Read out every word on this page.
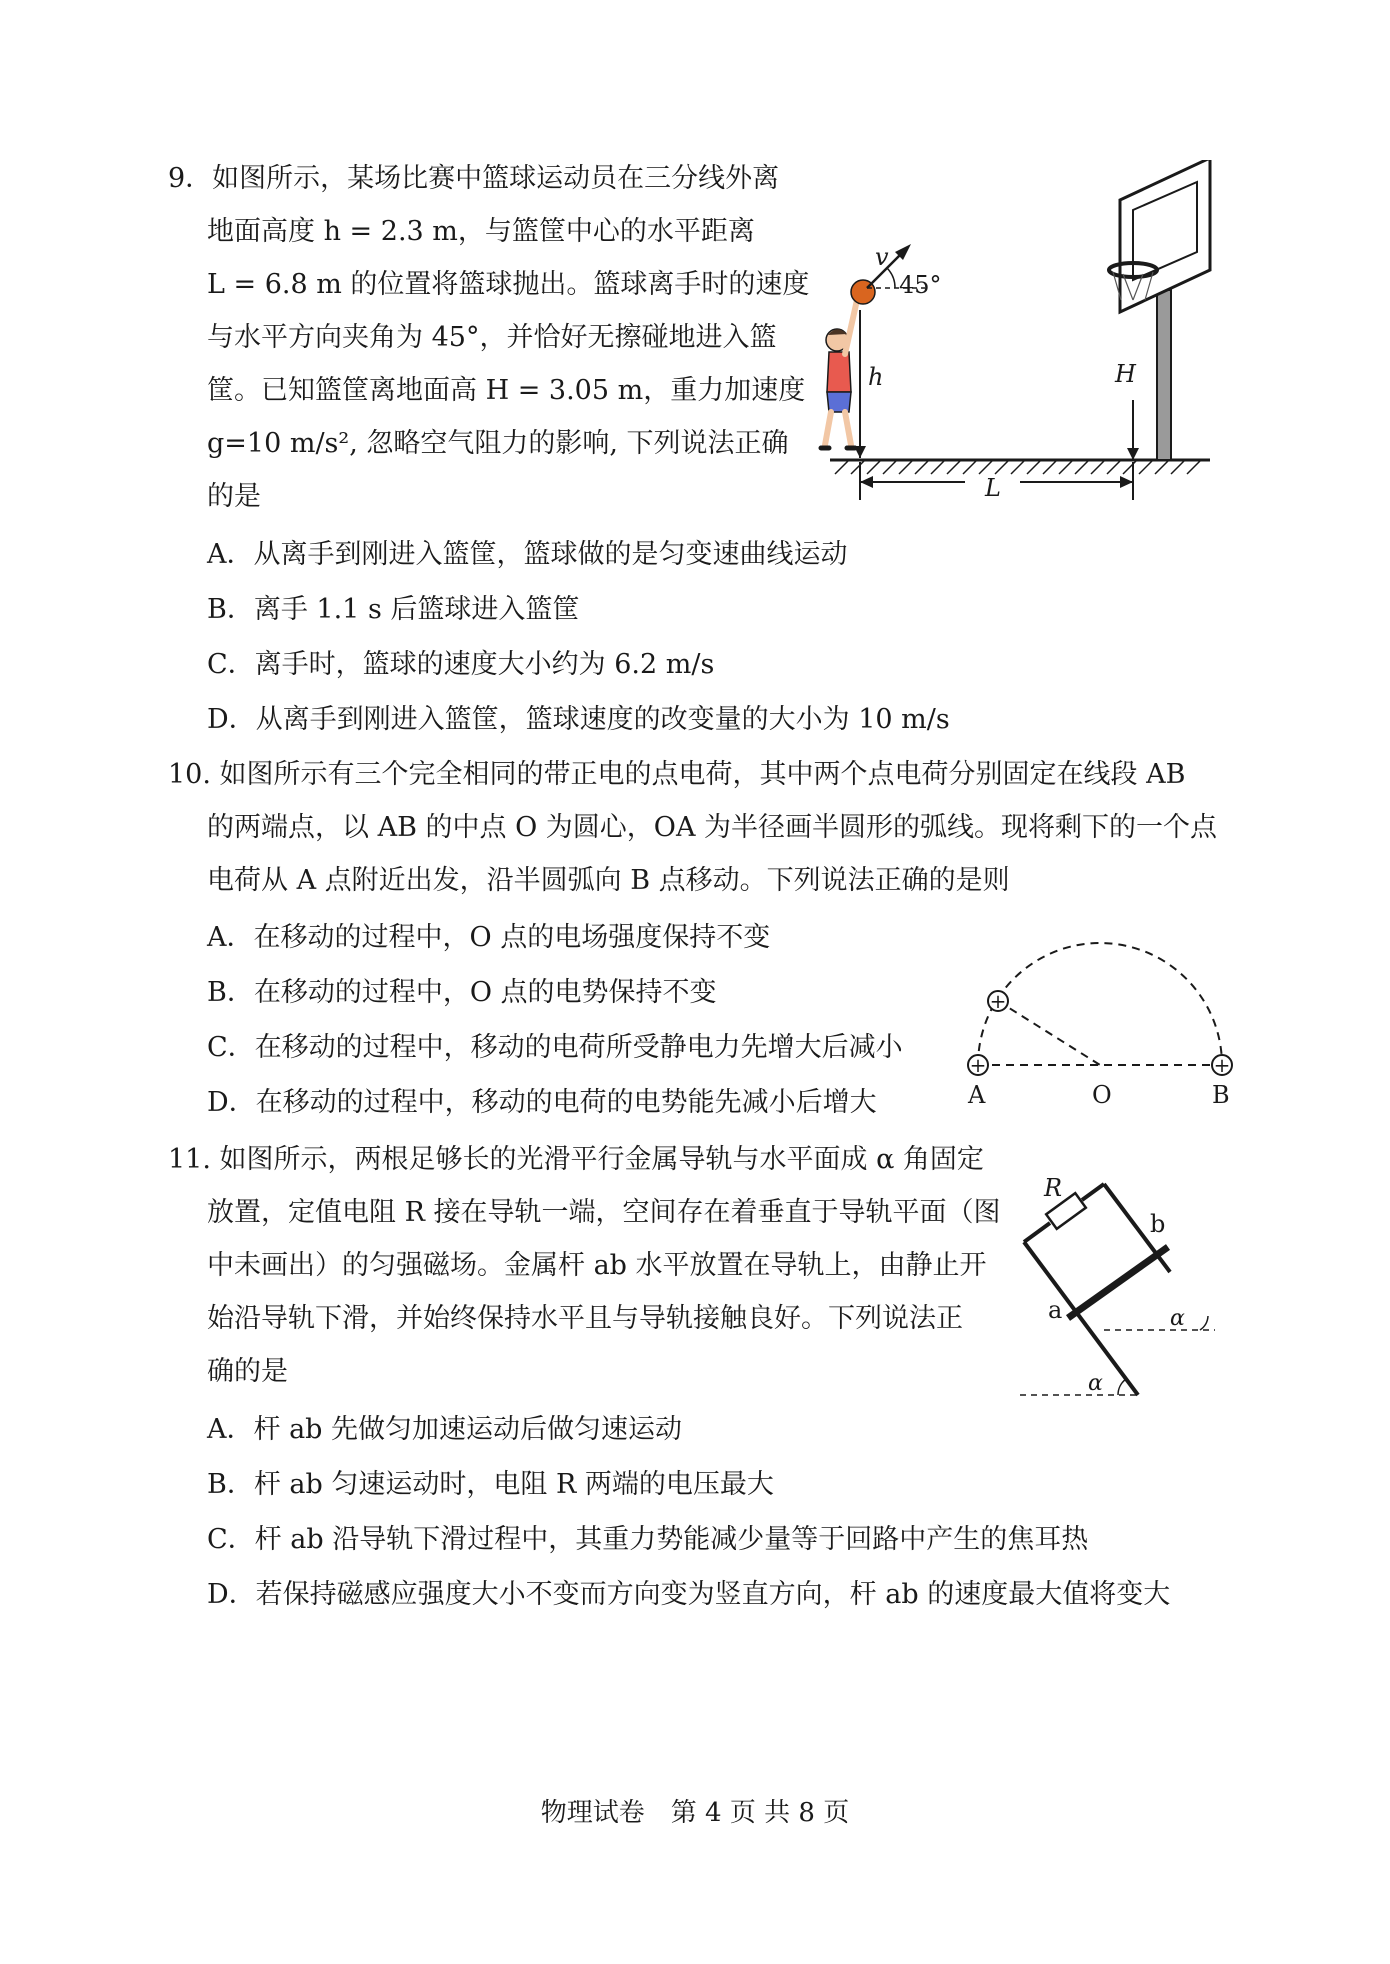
9．如图所示，某场比赛中篮球运动员在三分线外离
地面高度 h = 2.3 m，与篮筐中心的水平距离
L = 6.8 m 的位置将篮球抛出。篮球离手时的速度
与水平方向夹角为 45°，并恰好无擦碰地进入篮
筐。已知篮筐离地面高 H = 3.05 m，重力加速度
g=10 m/s², 忽略空气阻力的影响, 下列说法正确
的是
A．从离手到刚进入篮筐，篮球做的是匀变速曲线运动
B．离手 1.1 s 后篮球进入篮筐
C．离手时，篮球的速度大小约为 6.2 m/s
D．从离手到刚进入篮筐，篮球速度的改变量的大小为 10 m/s
H
L
h
v
45°
10. 如图所示有三个完全相同的带正电的点电荷，其中两个点电荷分别固定在线段 AB
的两端点，以 AB 的中点 O 为圆心，OA 为半径画半圆形的弧线。现将剩下的一个点
电荷从 A 点附近出发，沿半圆弧向 B 点移动。下列说法正确的是则
A．在移动的过程中，O 点的电场强度保持不变
B．在移动的过程中，O 点的电势保持不变
C．在移动的过程中，移动的电荷所受静电力先增大后减小
D．在移动的过程中，移动的电荷的电势能先减小后增大
+	+
+
A	O	B
11. 如图所示，两根足够长的光滑平行金属导轨与水平面成 α 角固定
放置，定值电阻 R 接在导轨一端，空间存在着垂直于导轨平面（图
中未画出）的匀强磁场。金属杆 ab 水平放置在导轨上，由静止开
始沿导轨下滑，并始终保持水平且与导轨接触良好。下列说法正
确的是
A．杆 ab 先做匀加速运动后做匀速运动
B．杆 ab 匀速运动时，电阻 R 两端的电压最大
C．杆 ab 沿导轨下滑过程中，其重力势能减少量等于回路中产生的焦耳热
D．若保持磁感应强度大小不变而方向变为竖直方向，杆 ab 的速度最大值将变大
R
a
b
α
α
物理试卷　第 4 页 共 8 页
